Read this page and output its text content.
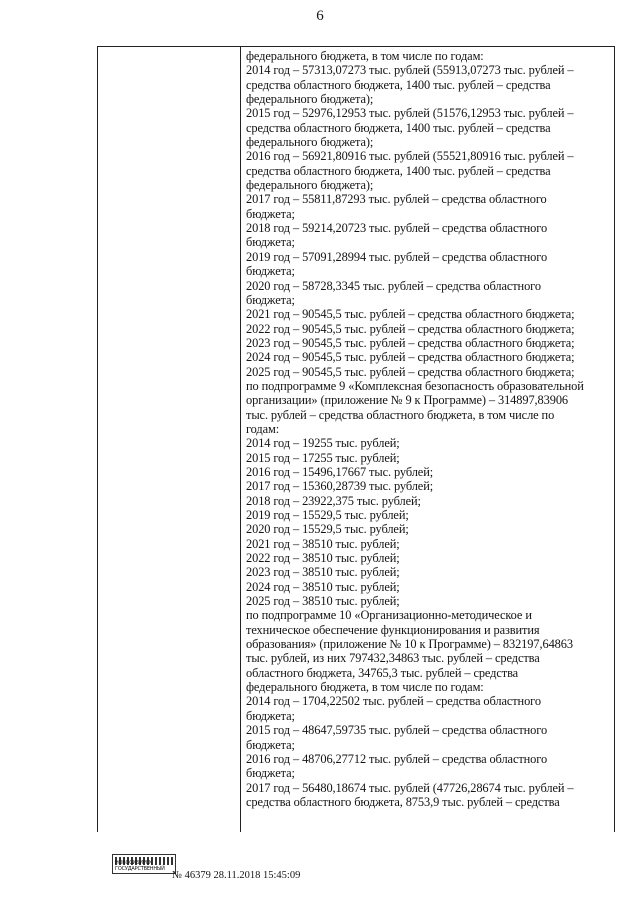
6
федерального бюджета, в том числе по годам:
2014 год – 57313,07273 тыс. рублей (55913,07273 тыс. рублей –
средства областного бюджета, 1400 тыс. рублей – средства
федерального бюджета);
2015 год – 52976,12953 тыс. рублей (51576,12953 тыс. рублей –
средства областного бюджета, 1400 тыс. рублей – средства
федерального бюджета);
2016 год – 56921,80916 тыс. рублей (55521,80916 тыс. рублей –
средства областного бюджета, 1400 тыс. рублей – средства
федерального бюджета);
2017 год – 55811,87293 тыс. рублей – средства областного
бюджета;
2018 год – 59214,20723 тыс. рублей – средства областного
бюджета;
2019 год – 57091,28994 тыс. рублей – средства областного
бюджета;
2020 год – 58728,3345 тыс. рублей – средства областного
бюджета;
2021 год – 90545,5 тыс. рублей – средства областного бюджета;
2022 год – 90545,5 тыс. рублей – средства областного бюджета;
2023 год – 90545,5 тыс. рублей – средства областного бюджета;
2024 год – 90545,5 тыс. рублей – средства областного бюджета;
2025 год – 90545,5 тыс. рублей – средства областного бюджета;
по подпрограмме 9 «Комплексная безопасность образовательной
организации» (приложение № 9 к Программе) – 314897,83906
тыс. рублей – средства областного бюджета, в том числе по
годам:
2014 год – 19255 тыс. рублей;
2015 год – 17255 тыс. рублей;
2016 год – 15496,17667 тыс. рублей;
2017 год – 15360,28739 тыс. рублей;
2018 год – 23922,375 тыс. рублей;
2019 год – 15529,5 тыс. рублей;
2020 год – 15529,5 тыс. рублей;
2021 год – 38510 тыс. рублей;
2022 год – 38510 тыс. рублей;
2023 год – 38510 тыс. рублей;
2024 год – 38510 тыс. рублей;
2025 год – 38510 тыс. рублей;
по подпрограмме 10 «Организационно-методическое и
техническое обеспечение функционирования и развития
образования» (приложение № 10 к Программе) – 832197,64863
тыс. рублей, из них 797432,34863 тыс. рублей – средства
областного бюджета, 34765,3 тыс. рублей – средства
федерального бюджета, в том числе по годам:
2014 год – 1704,22502 тыс. рублей – средства областного
бюджета;
2015 год – 48647,59735 тыс. рублей – средства областного
бюджета;
2016 год – 48706,27712 тыс. рублей – средства областного
бюджета;
2017 год – 56480,18674 тыс. рублей (47726,28674 тыс. рублей –
средства областного бюджета, 8753,9 тыс. рублей – средства
НОВОСИБИРСК ГОСУДАРСТВЕННЫЙ
№ 46379 28.11.2018 15:45:09
